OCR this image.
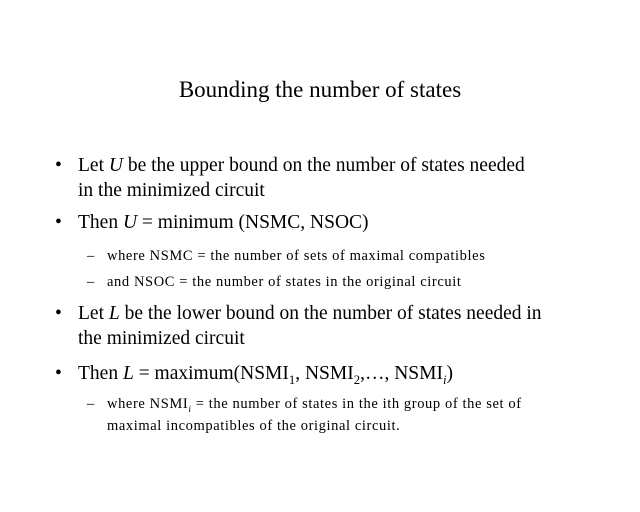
Bounding the number of states
• Let U be the upper bound on the number of states needed
in the minimized circuit
• Then U = minimum (NSMC, NSOC)
– where NSMC = the number of sets of maximal compatibles
– and NSOC = the number of states in the original circuit
• Let L be the lower bound on the number of states needed in
the minimized circuit
• Then $L = maximum(NSMI_1$, $NSMI_2,\dots$, $NSMI_i$)
– where $NSMI_i$ = the number of states in the ith group of the set of
maximal incompatibles of the original circuit.
